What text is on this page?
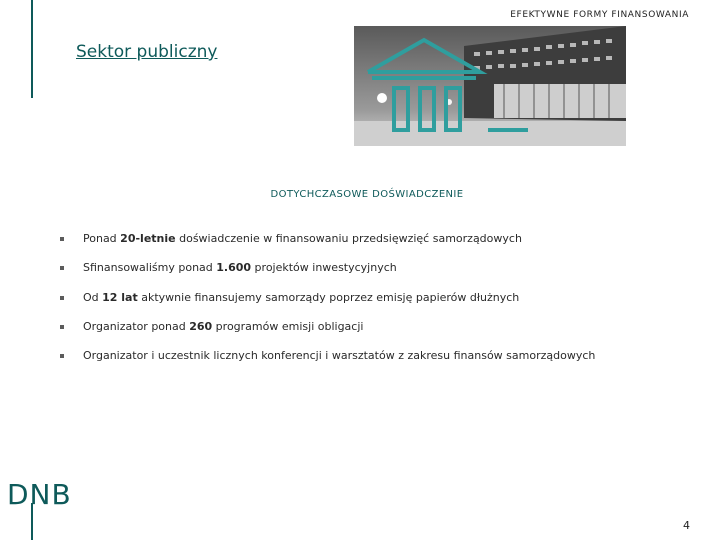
EFEKTYWNE FORMY FINANSOWANIA
Sektor publiczny
DOTYCHCZASOWE DOŚWIADCZENIE
Ponad 20-letnie doświadczenie w finansowaniu przedsięwzięć samorządowych
Sfinansowaliśmy ponad 1.600 projektów inwestycyjnych
Od 12 lat aktywnie finansujemy samorządy poprzez emisję papierów dłużnych
Organizator ponad 260 programów emisji obligacji
Organizator i uczestnik licznych konferencji i warsztatów z zakresu finansów samorządowych
DNB
4
